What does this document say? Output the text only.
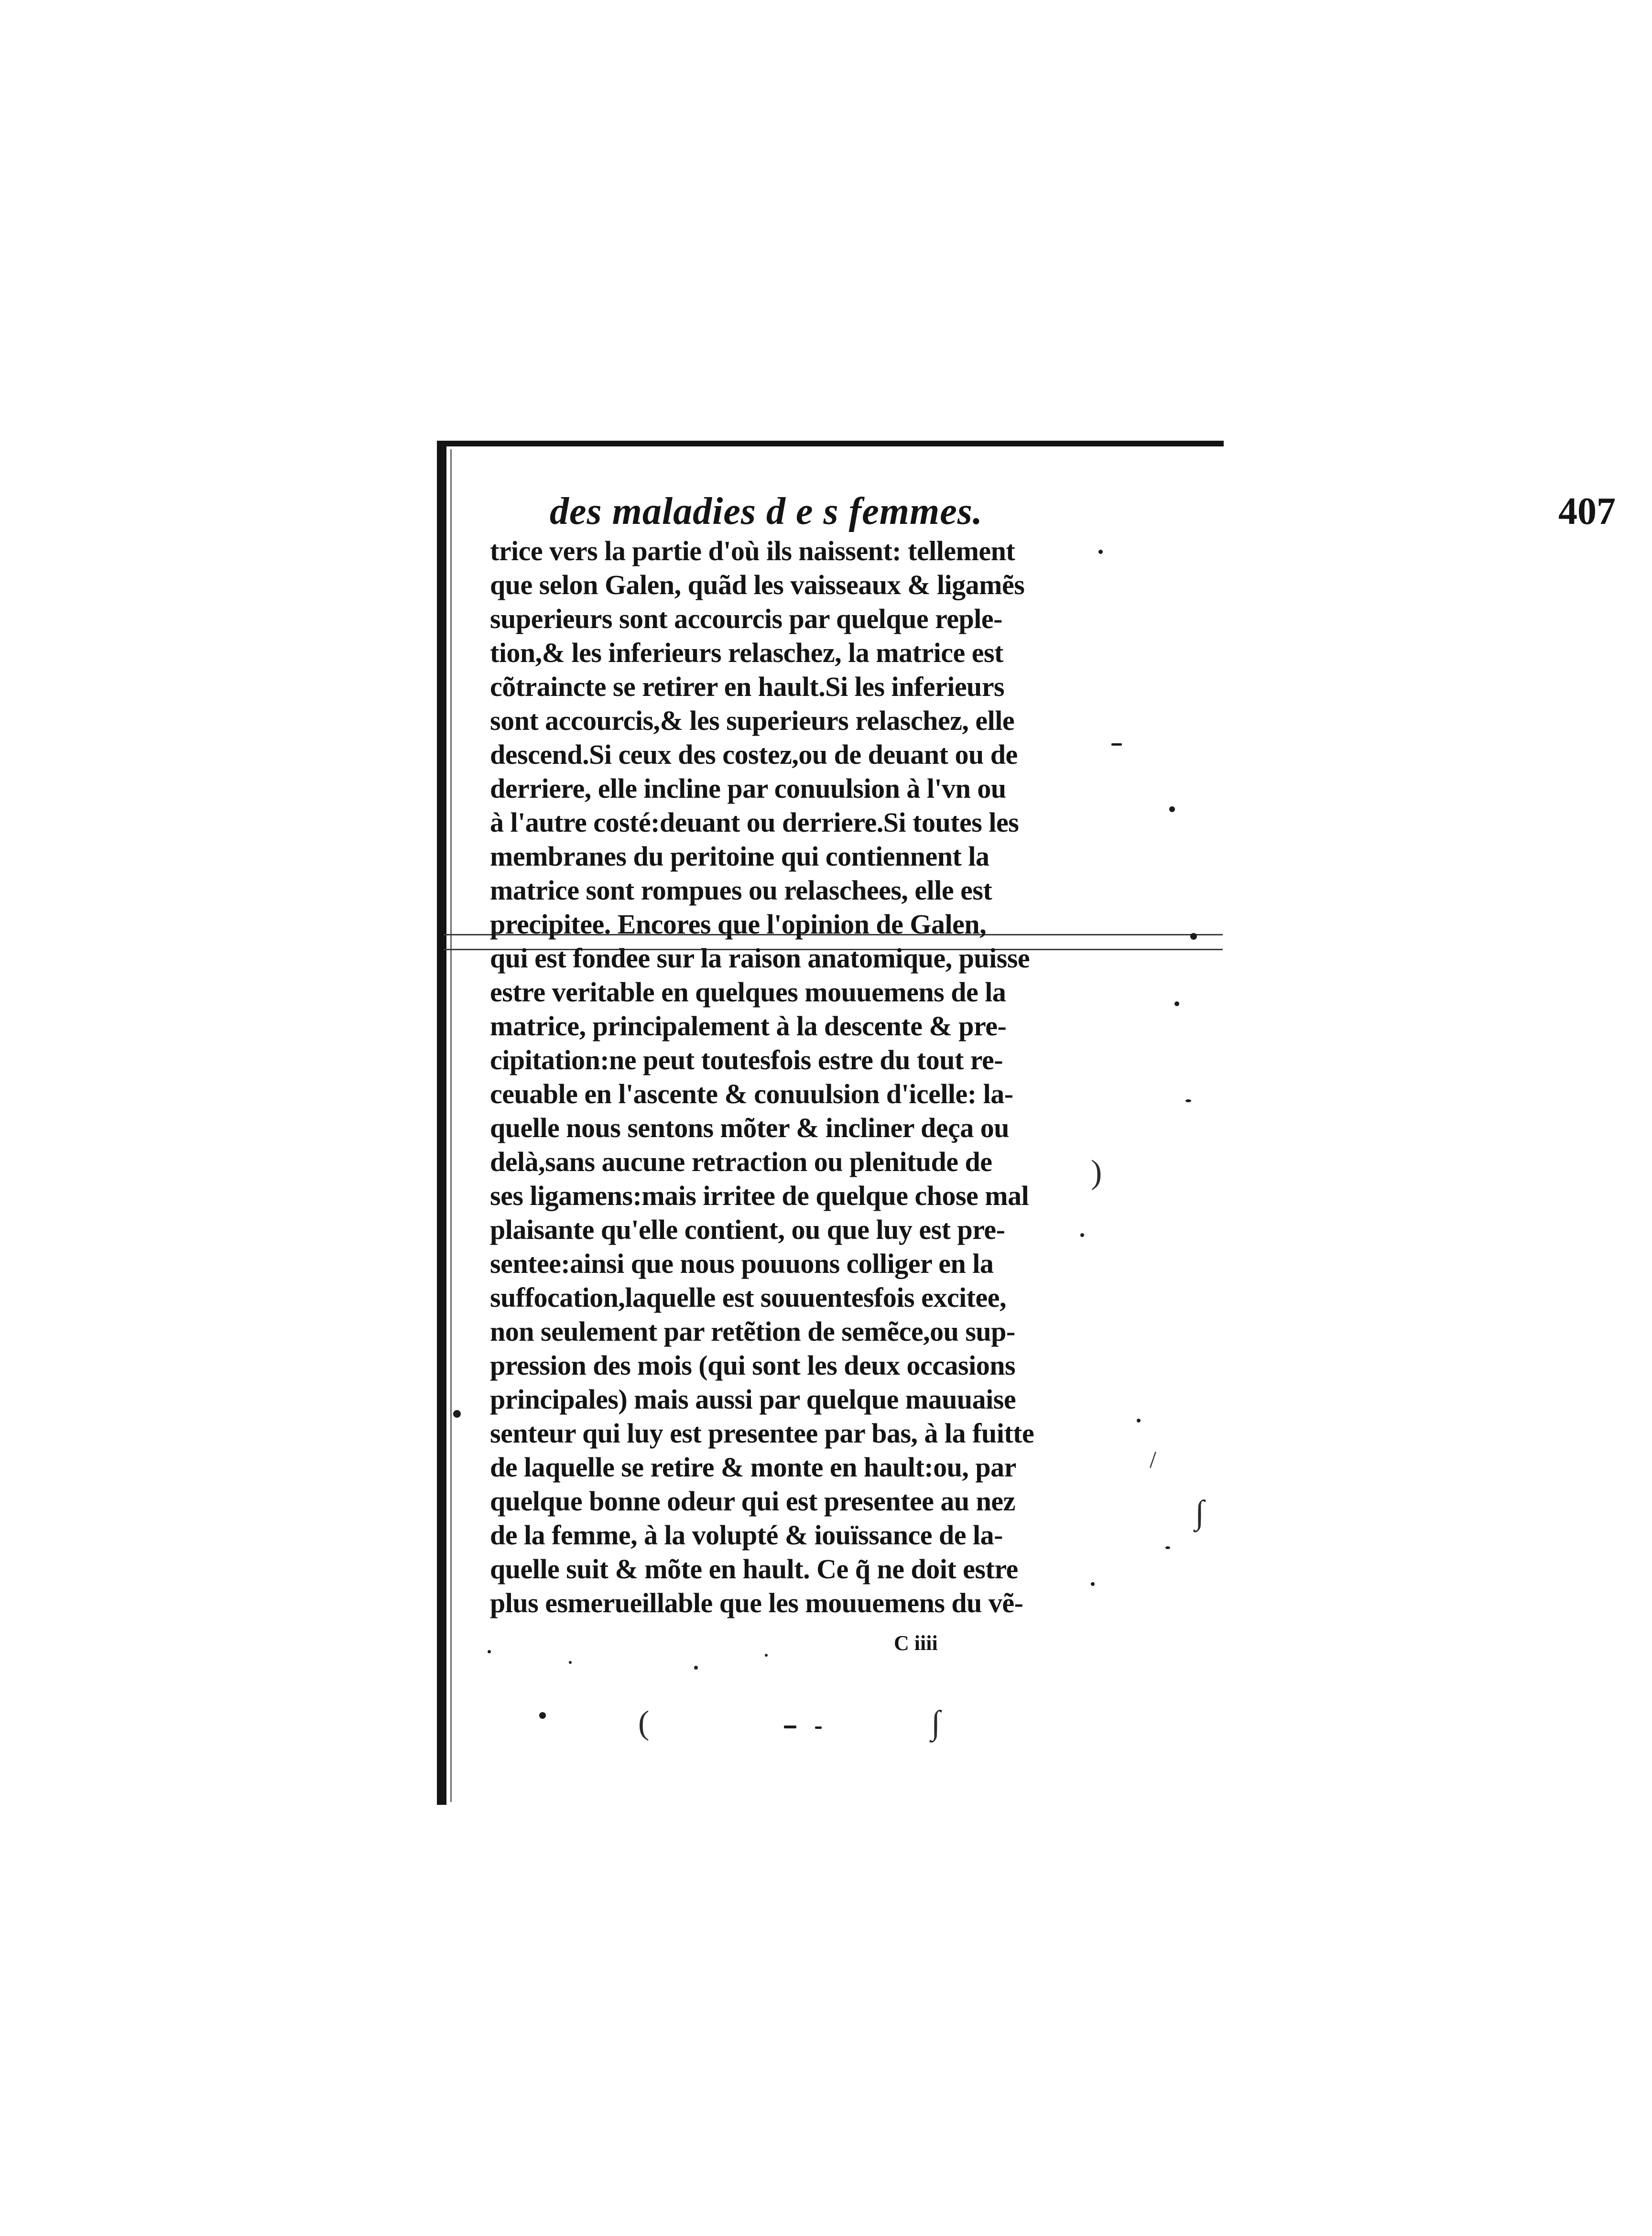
des maladies d e s femmes.	407
trice vers la partie d'où ils naissent: tellement
que selon Galen, quãd les vaisseaux & ligamẽs
superieurs sont accourcis par quelque reple-
tion,& les inferieurs relaschez, la matrice est
cõtraincte se retirer en hault.Si les inferieurs
sont accourcis,& les superieurs relaschez, elle
descend.Si ceux des costez,ou de deuant ou de
derriere, elle incline par conuulsion à l'vn ou
à l'autre costé:deuant ou derriere.Si toutes les
membranes du peritoine qui contiennent la
matrice sont rompues ou relaschees, elle est
precipitee. Encores que l'opinion de Galen,
qui est fondee sur la raison anatomique, puisse
estre veritable en quelques mouuemens de la
matrice, principalement à la descente & pre-
cipitation:ne peut toutesfois estre du tout re-
ceuable en l'ascente & conuulsion d'icelle: la-
quelle nous sentons mõter & incliner deça ou
delà,sans aucune retraction ou plenitude de
ses ligamens:mais irritee de quelque chose mal
plaisante qu'elle contient, ou que luy est pre-
sentee:ainsi que nous pouuons colliger en la
suffocation,laquelle est souuentesfois excitee,
non seulement par retẽtion de semẽce,ou sup-
pression des mois (qui sont les deux occasions
principales) mais aussi par quelque mauuaise
senteur qui luy est presentee par bas, à la fuitte
de laquelle se retire & monte en hault:ou, par
quelque bonne odeur qui est presentee au nez
de la femme, à la volupté & iouïssance de la-
quelle suit & mõte en hault. Ce q̃ ne doit estre
plus esmerueillable que les mouuemens du vẽ-
C iiii
)
∫
(	∫
/
